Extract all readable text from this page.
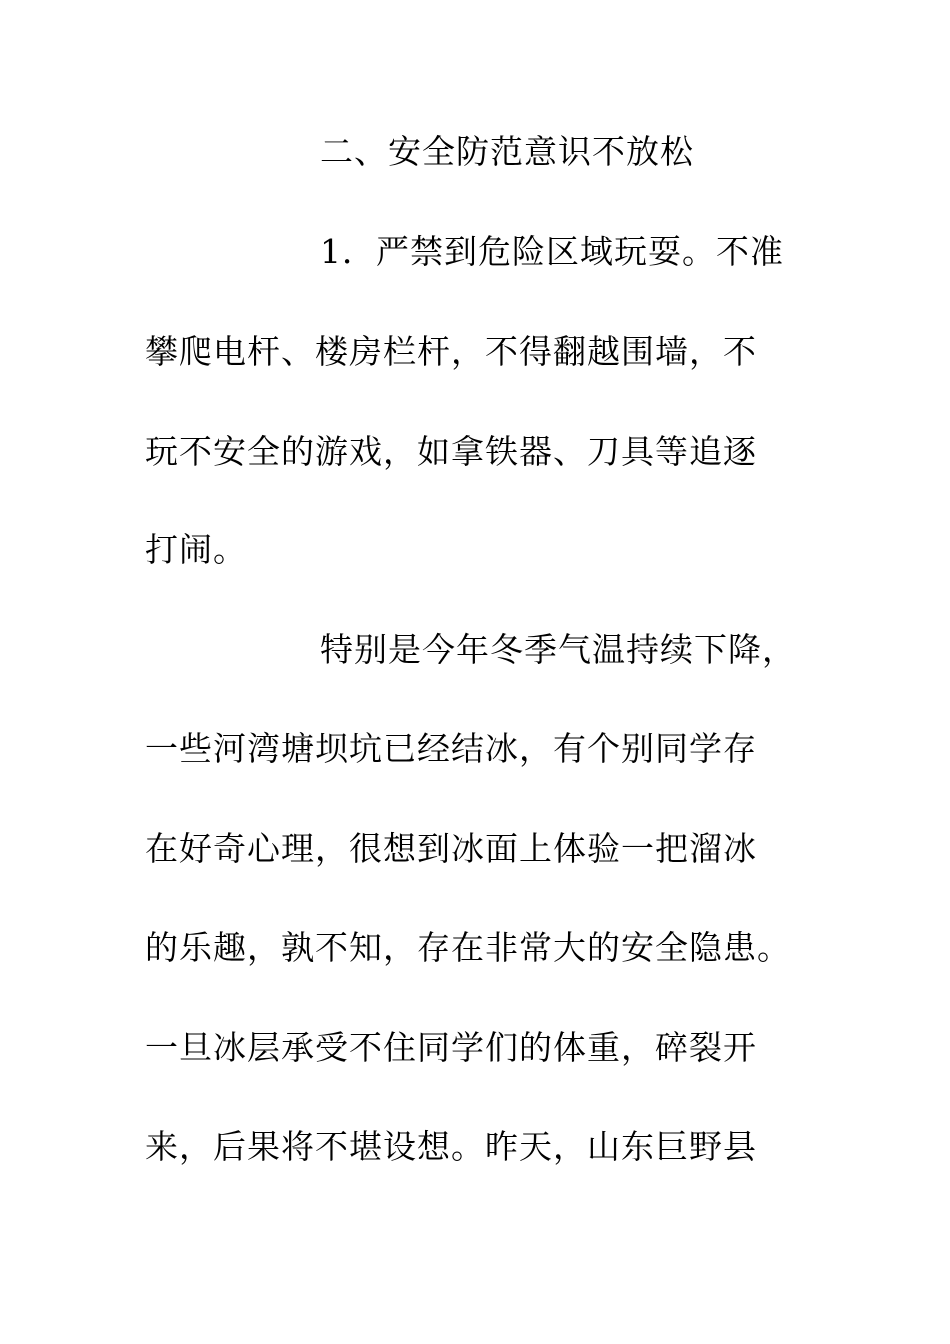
二、安全防范意识不放松
1．严禁到危险区域玩耍。不准
攀爬电杆、楼房栏杆，不得翻越围墙，不
玩不安全的游戏，如拿铁器、刀具等追逐
打闹。
特别是今年冬季气温持续下降，
一些河湾塘坝坑已经结冰，有个别同学存
在好奇心理，很想到冰面上体验一把溜冰
的乐趣，孰不知，存在非常大的安全隐患。
一旦冰层承受不住同学们的体重，碎裂开
来，后果将不堪设想。昨天，山东巨野县
